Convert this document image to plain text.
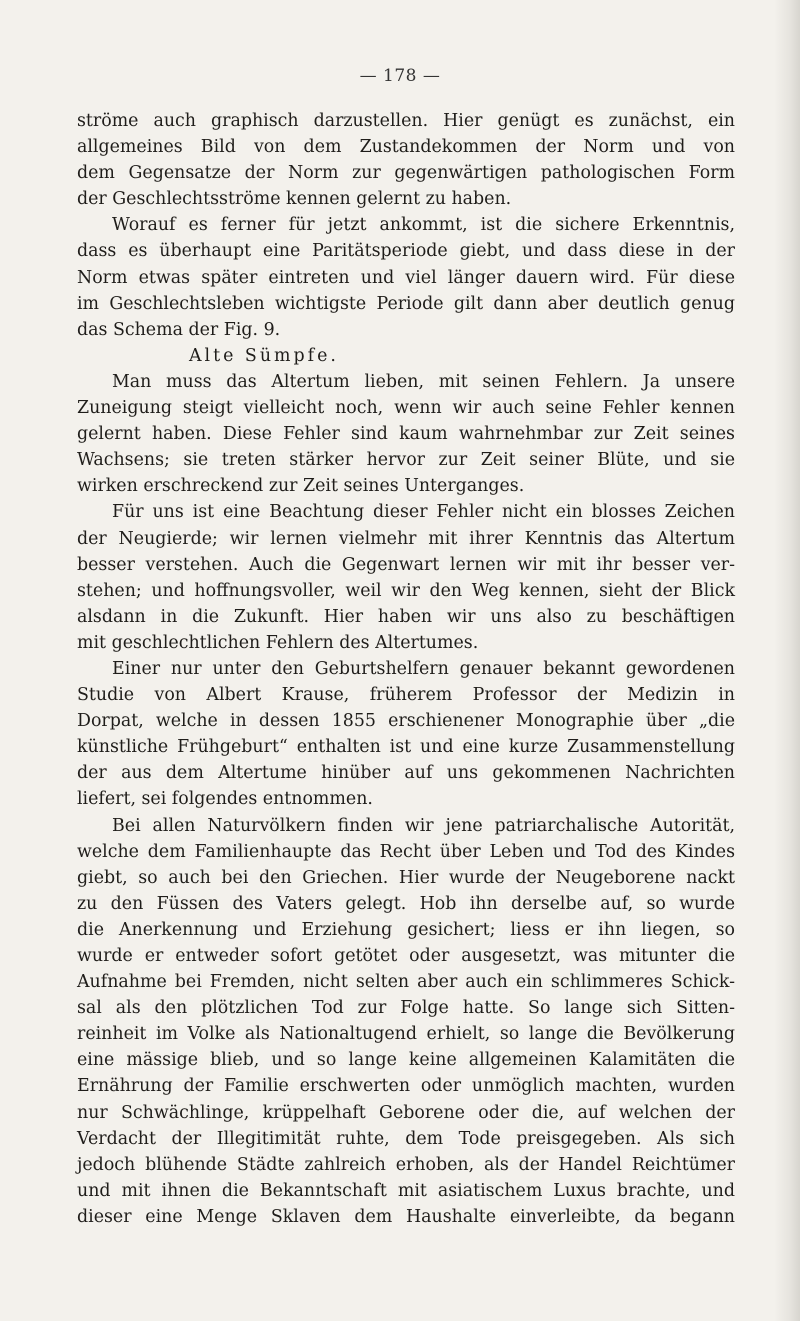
— 178 —
ströme auch graphisch darzustellen. Hier genügt es zunächst, ein
allgemeines Bild von dem Zustandekommen der Norm und von
dem Gegensatze der Norm zur gegenwärtigen pathologischen Form
der Geschlechtsströme kennen gelernt zu haben.
Worauf es ferner für jetzt ankommt, ist die sichere Erkenntnis,
dass es überhaupt eine Paritätsperiode giebt, und dass diese in der
Norm etwas später eintreten und viel länger dauern wird. Für diese
im Geschlechtsleben wichtigste Periode gilt dann aber deutlich genug
das Schema der Fig. 9.
Alte Sümpfe.
Man muss das Altertum lieben, mit seinen Fehlern. Ja unsere
Zuneigung steigt vielleicht noch, wenn wir auch seine Fehler kennen
gelernt haben. Diese Fehler sind kaum wahrnehmbar zur Zeit seines
Wachsens; sie treten stärker hervor zur Zeit seiner Blüte, und sie
wirken erschreckend zur Zeit seines Unterganges.
Für uns ist eine Beachtung dieser Fehler nicht ein blosses Zeichen
der Neugierde; wir lernen vielmehr mit ihrer Kenntnis das Altertum
besser verstehen. Auch die Gegenwart lernen wir mit ihr besser ver-
stehen; und hoffnungsvoller, weil wir den Weg kennen, sieht der Blick
alsdann in die Zukunft. Hier haben wir uns also zu beschäftigen
mit geschlechtlichen Fehlern des Altertumes.
Einer nur unter den Geburtshelfern genauer bekannt gewordenen
Studie von Albert Krause, früherem Professor der Medizin in
Dorpat, welche in dessen 1855 erschienener Monographie über „die
künstliche Frühgeburt“ enthalten ist und eine kurze Zusammenstellung
der aus dem Altertume hinüber auf uns gekommenen Nachrichten
liefert, sei folgendes entnommen.
Bei allen Naturvölkern finden wir jene patriarchalische Autorität,
welche dem Familienhaupte das Recht über Leben und Tod des Kindes
giebt, so auch bei den Griechen. Hier wurde der Neugeborene nackt
zu den Füssen des Vaters gelegt. Hob ihn derselbe auf, so wurde
die Anerkennung und Erziehung gesichert; liess er ihn liegen, so
wurde er entweder sofort getötet oder ausgesetzt, was mitunter die
Aufnahme bei Fremden, nicht selten aber auch ein schlimmeres Schick-
sal als den plötzlichen Tod zur Folge hatte. So lange sich Sitten-
reinheit im Volke als Nationaltugend erhielt, so lange die Bevölkerung
eine mässige blieb, und so lange keine allgemeinen Kalamitäten die
Ernährung der Familie erschwerten oder unmöglich machten, wurden
nur Schwächlinge, krüppelhaft Geborene oder die, auf welchen der
Verdacht der Illegitimität ruhte, dem Tode preisgegeben. Als sich
jedoch blühende Städte zahlreich erhoben, als der Handel Reichtümer
und mit ihnen die Bekanntschaft mit asiatischem Luxus brachte, und
dieser eine Menge Sklaven dem Haushalte einverleibte, da begann
